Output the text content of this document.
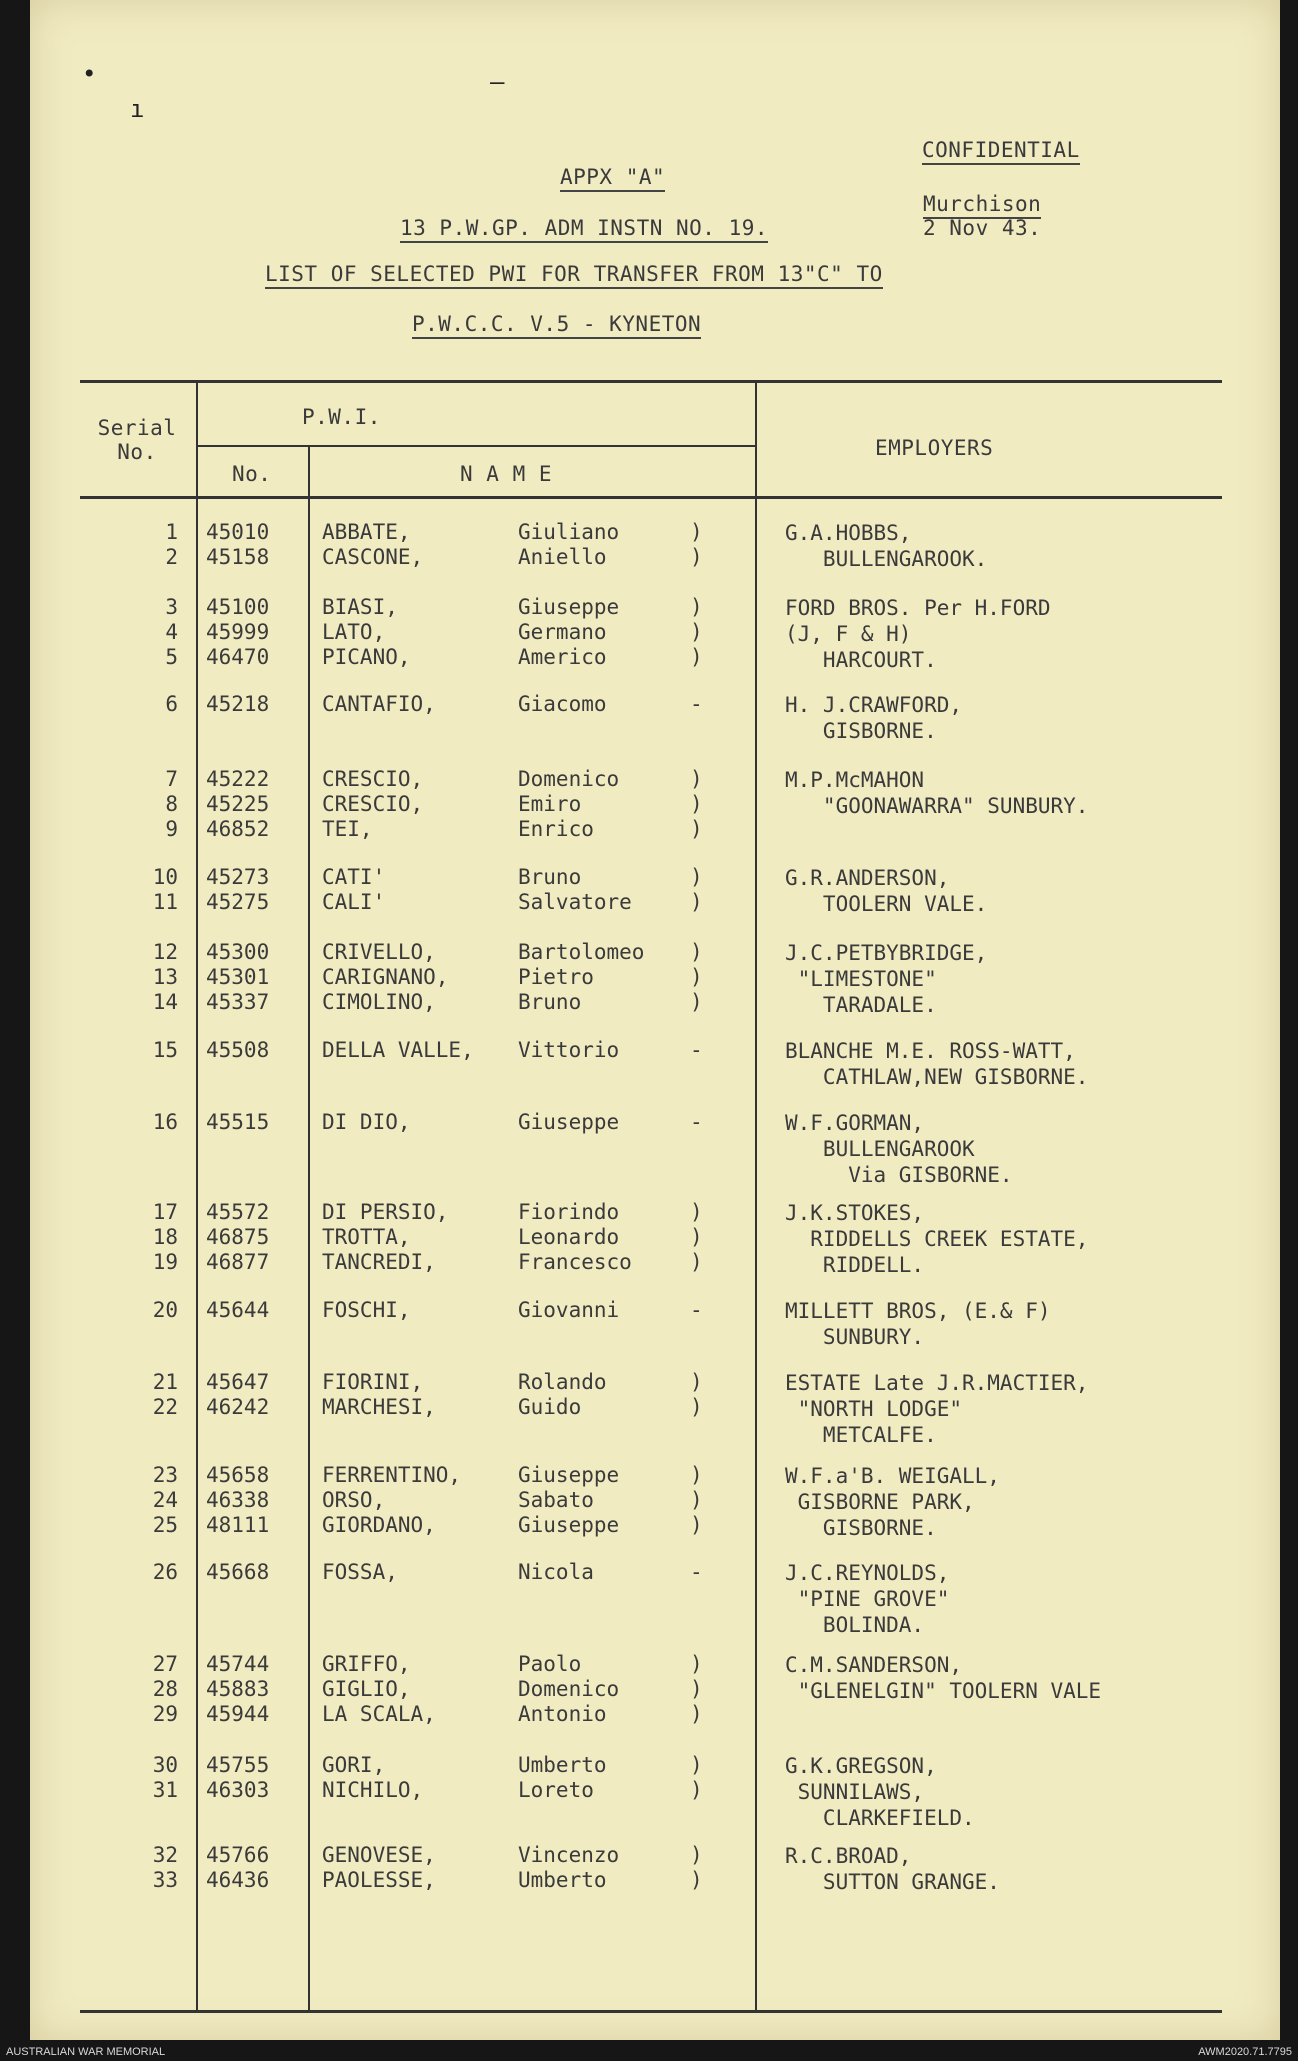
CONFIDENTIAL
APPX "A"
Murchison
2 Nov 43.
13 P.W.GP. ADM INSTN NO. 19.
LIST OF SELECTED PWI FOR TRANSFER FROM 13"C" TO
P.W.C.C. V.5 - KYNETON
Serial No.
P.W.I.
No.	N A M E
EMPLOYERS
1 45010	ABBATE,	Giuliano	)
2 45158	CASCONE,	Aniello	)
G.A.HOBBS,
BULLENGAROOK.
3 45100	BIASI,	Giuseppe	)
4 45999	LATO,	Germano	)
5 46470	PICANO,	Americo	)
FORD BROS. Per H.FORD
(J, F & H)
HARCOURT.
6 45218	CANTAFIO,	Giacomo	-	H. J.CRAWFORD,
GISBORNE.
7 45222	CRESCIO,	Domenico	)
8 45225	CRESCIO,	Emiro	)
9 46852	TEI,	Enrico	)
M.P.McMAHON
"GOONAWARRA" SUNBURY.
10 45273	CATI'	Bruno	)
11 45275	CALI'	Salvatore	)
G.R.ANDERSON,
TOOLERN VALE.
12 45300	CRIVELLO,	Bartolomeo )
13 45301	CARIGNANO,	Pietro	)
14 45337	CIMOLINO,	Bruno	)
J.C.PETBYBRIDGE,
"LIMESTONE"
TARADALE.
15 45508	DELLA VALLE, Vittorio	-	BLANCHE M.E. ROSS-WATT,
CATHLAW,NEW GISBORNE.
16 45515	DI DIO,	Giuseppe	-	W.F.GORMAN,
BULLENGAROOK
Via GISBORNE.
17 45572	DI PERSIO,	Fiorindo	)
18 46875	TROTTA,	Leonardo	)
19 46877	TANCREDI,	Francesco	)
J.K.STOKES,
RIDDELLS CREEK ESTATE,
RIDDELL.
20 45644	FOSCHI,	Giovanni	-	MILLETT BROS, (E.& F)
SUNBURY.
21 45647	FIORINI,	Rolando	)
22 46242	MARCHESI,	Guido	)
ESTATE Late J.R.MACTIER,
"NORTH LODGE"
METCALFE.
23 45658	FERRENTINO,	Giuseppe	)
24 46338	ORSO,	Sabato	)
25 48111	GIORDANO,	Giuseppe	)
W.F.a'B. WEIGALL,
GISBORNE PARK,
GISBORNE.
26 45668	FOSSA,	Nicola	-	J.C.REYNOLDS,
"PINE GROVE"
BOLINDA.
27 45744	GRIFFO,	Paolo	)
28 45883	GIGLIO,	Domenico	)
29 45944	LA SCALA,	Antonio	)
C.M.SANDERSON,
"GLENELGIN" TOOLERN VALE
30 45755	GORI,	Umberto	)
31 46303	NICHILO,	Loreto	)
G.K.GREGSON,
SUNNILAWS,
CLARKEFIELD.
32 45766	GENOVESE,	Vincenzo	)
33 46436	PAOLESSE,	Umberto	)
R.C.BROAD,
SUTTON GRANGE.
•
ı
–
AUSTRALIAN WAR MEMORIAL	AWM2020.71.7795
